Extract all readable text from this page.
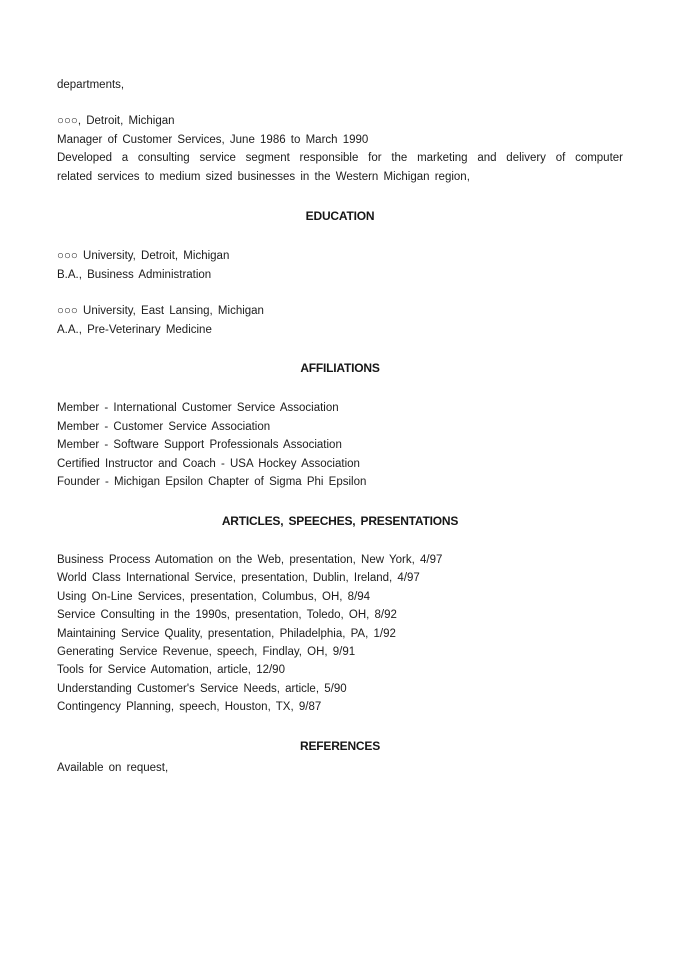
departments,

○○○, Detroit, Michigan

Manager of Customer Services, June 1986 to March 1990

Developed a consulting service segment responsible for the marketing and delivery of computer

related services to medium sized businesses in the Western Michigan region,

EDUCATION

○○○ University, Detroit, Michigan

B.A., Business Administration

○○○ University, East Lansing, Michigan

A.A., Pre-Veterinary Medicine

AFFILIATIONS

Member - International Customer Service Association

Member - Customer Service Association

Member - Software Support Professionals Association

Certified Instructor and Coach - USA Hockey Association

Founder - Michigan Epsilon Chapter of Sigma Phi Epsilon

ARTICLES, SPEECHES, PRESENTATIONS

Business Process Automation on the Web, presentation, New York, 4/97

World Class International Service, presentation, Dublin, Ireland, 4/97

Using On-Line Services, presentation, Columbus, OH, 8/94

Service Consulting in the 1990s, presentation, Toledo, OH, 8/92

Maintaining Service Quality, presentation, Philadelphia, PA, 1/92

Generating Service Revenue, speech, Findlay, OH, 9/91

Tools for Service Automation, article, 12/90

Understanding Customer's Service Needs, article, 5/90

Contingency Planning, speech, Houston, TX, 9/87

REFERENCES

Available on request,
